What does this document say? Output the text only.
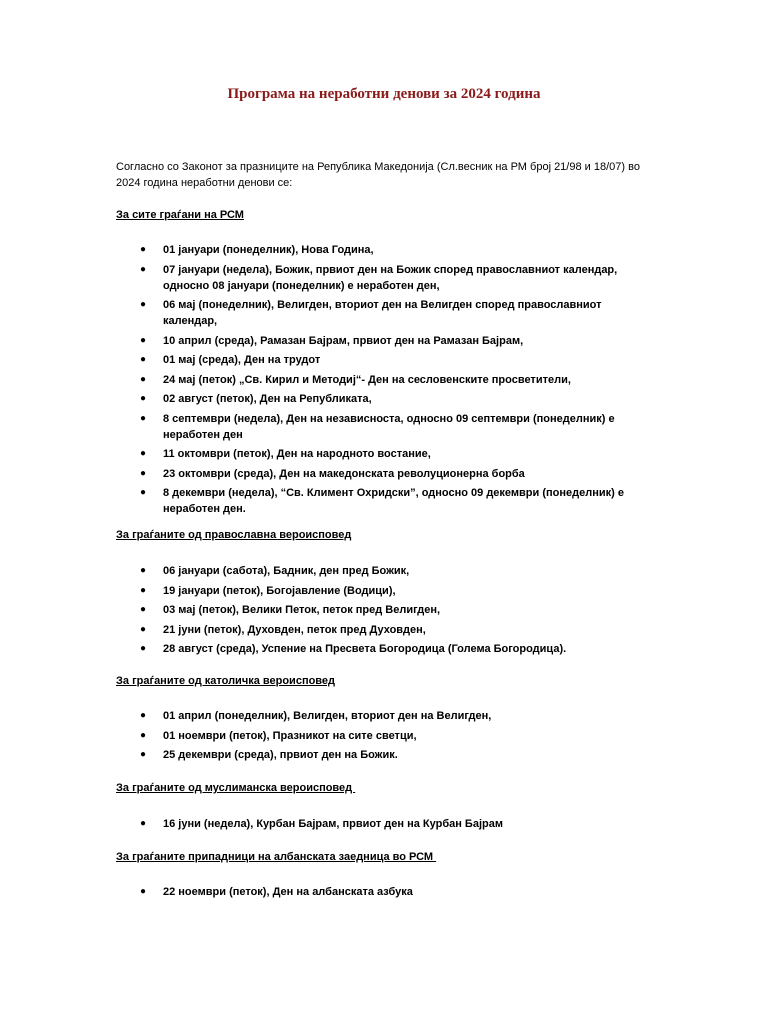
Програма на неработни денови за 2024 година
Согласно со Законот за празниците на Република Македонија (Сл.весник на РМ број 21/98 и 18/07) во 2024 година неработни денови се:
За сите граѓани на РСМ
● 01 јануари (понеделник), Нова Година,
● 07 јануари (недела), Божик, првиот ден на Божик според православниот календар, односно 08 јануари (понеделник) е неработен ден,
● 06 мај (понеделник), Велигден, вториот ден на Велигден според православниот календар,
● 10 април (среда), Рамазан Бајрам, првиот ден на Рамазан Бајрам,
● 01 мај (среда), Ден на трудот
● 24 мај (петок) „Св. Кирил и Методиј“- Ден на сесловенските просветители,
● 02 август (петок), Ден на Републиката,
● 8 септември (недела), Ден на независноста, односно 09 септември (понеделник) е неработен ден
● 11 октомври (петок), Ден на народното востание,
● 23 октомври (среда), Ден на македонската револуционерна борба
● 8 декември (недела), “Св. Климент Охридски”, односно 09 декември (понеделник) е неработен ден.
За граѓаните од православна вероисповед
● 06 јануари (сабота), Бадник, ден пред Божик,
● 19 јануари (петок), Богојавление (Водици),
● 03 мај (петок), Велики Петок, петок пред Велигден,
● 21 јуни (петок), Духовден, петок пред Духовден,
● 28 август (среда), Успение на Пресвета Богородица (Голема Богородица).
За граѓаните од католичка вероисповед
● 01 април (понеделник), Велигден, вториот ден на Велигден,
● 01 ноември (петок), Празникот на сите светци,
● 25 декември (среда), првиот ден на Божик.
За граѓаните од муслиманска вероисповед
● 16 јуни (недела), Курбан Бајрам, првиот ден на Курбан Бајрам
За граѓаните припадници на албанската заедница во РСМ
● 22 ноември (петок), Ден на албанската азбука
